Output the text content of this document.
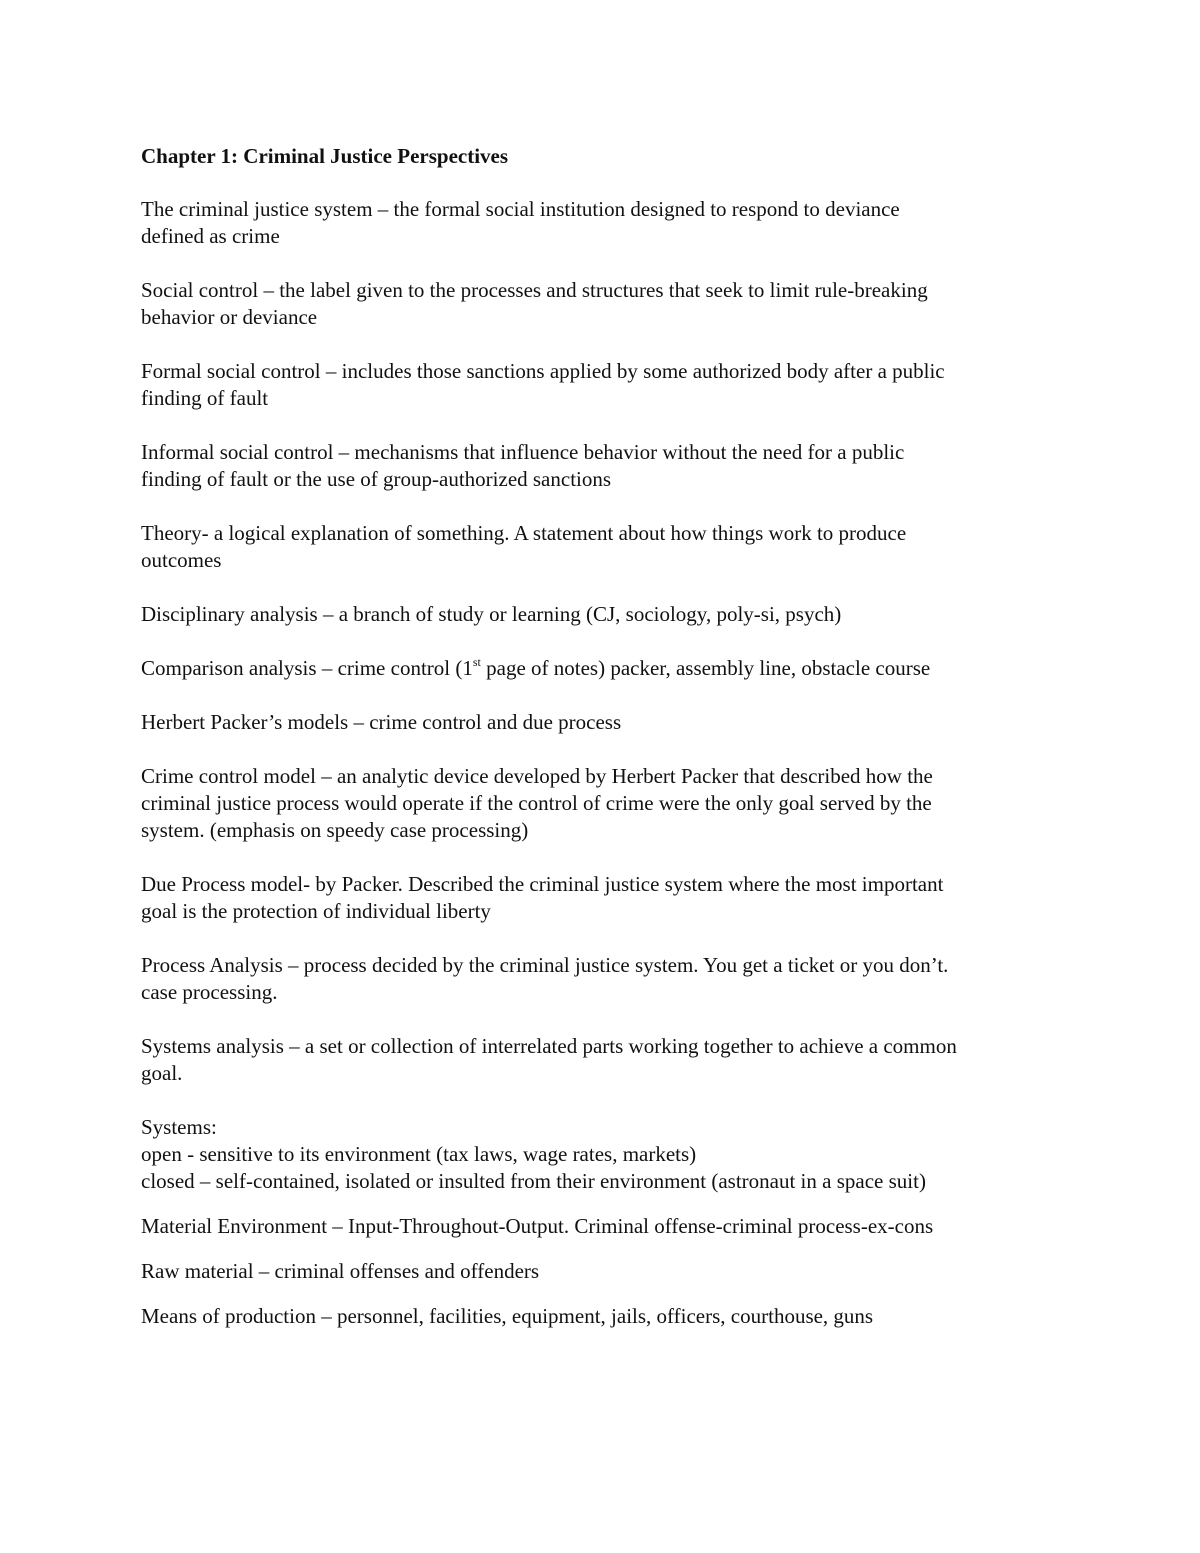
Chapter 1: Criminal Justice Perspectives
The criminal justice system – the formal social institution designed to respond to deviance
defined as crime
Social control – the label given to the processes and structures that seek to limit rule-breaking
behavior or deviance
Formal social control – includes those sanctions applied by some authorized body after a public
finding of fault
Informal social control – mechanisms that influence behavior without the need for a public
finding of fault or the use of group-authorized sanctions
Theory- a logical explanation of something. A statement about how things work to produce
outcomes
Disciplinary analysis – a branch of study or learning (CJ, sociology, poly-si, psych)
Comparison analysis – crime control (1st page of notes) packer, assembly line, obstacle course
Herbert Packer’s models – crime control and due process
Crime control model – an analytic device developed by Herbert Packer that described how the
criminal justice process would operate if the control of crime were the only goal served by the
system. (emphasis on speedy case processing)
Due Process model- by Packer. Described the criminal justice system where the most important
goal is the protection of individual liberty
Process Analysis – process decided by the criminal justice system. You get a ticket or you don’t.
case processing.
Systems analysis – a set or collection of interrelated parts working together to achieve a common
goal.
Systems:
open - sensitive to its environment (tax laws, wage rates, markets)
closed – self-contained, isolated or insulted from their environment (astronaut in a space suit)
Material Environment – Input-Throughout-Output. Criminal offense-criminal process-ex-cons
Raw material – criminal offenses and offenders
Means of production – personnel, facilities, equipment, jails, officers, courthouse, guns
